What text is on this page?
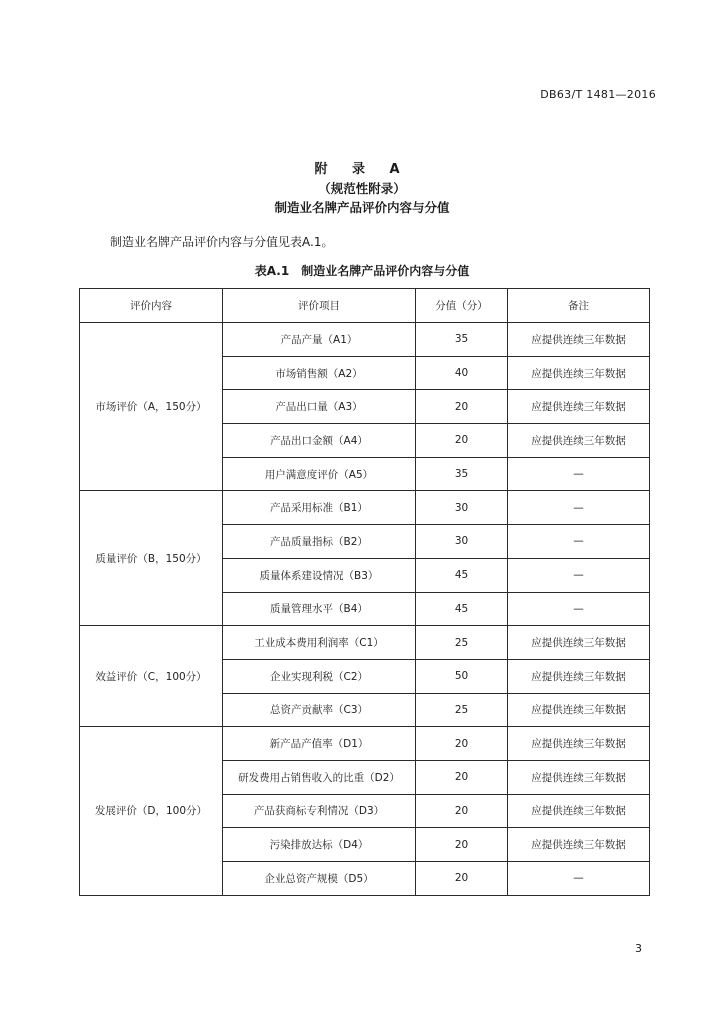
DB63/T 1481—2016
附 录 A
（规范性附录）
制造业名牌产品评价内容与分值
制造业名牌产品评价内容与分值见表A.1。
表A.1　制造业名牌产品评价内容与分值
评价内容	评价项目	分值（分）	备注
市场评价（A，150分）	产品产量（A1）	35	应提供连续三年数据
	市场销售额（A2）	40	应提供连续三年数据
	产品出口量（A3）	20	应提供连续三年数据
	产品出口金额（A4）	20	应提供连续三年数据
	用户满意度评价（A5）	35	—
质量评价（B，150分）	产品采用标准（B1）	30	—
	产品质量指标（B2）	30	—
	质量体系建设情况（B3）	45	—
	质量管理水平（B4）	45	—
效益评价（C，100分）	工业成本费用利润率（C1）	25	应提供连续三年数据
	企业实现利税（C2）	50	应提供连续三年数据
	总资产贡献率（C3）	25	应提供连续三年数据
发展评价（D，100分）	新产品产值率（D1）	20	应提供连续三年数据
	研发费用占销售收入的比重（D2）	20	应提供连续三年数据
	产品获商标专利情况（D3）	20	应提供连续三年数据
	污染排放达标（D4）	20	应提供连续三年数据
	企业总资产规模（D5）	20	—
3
